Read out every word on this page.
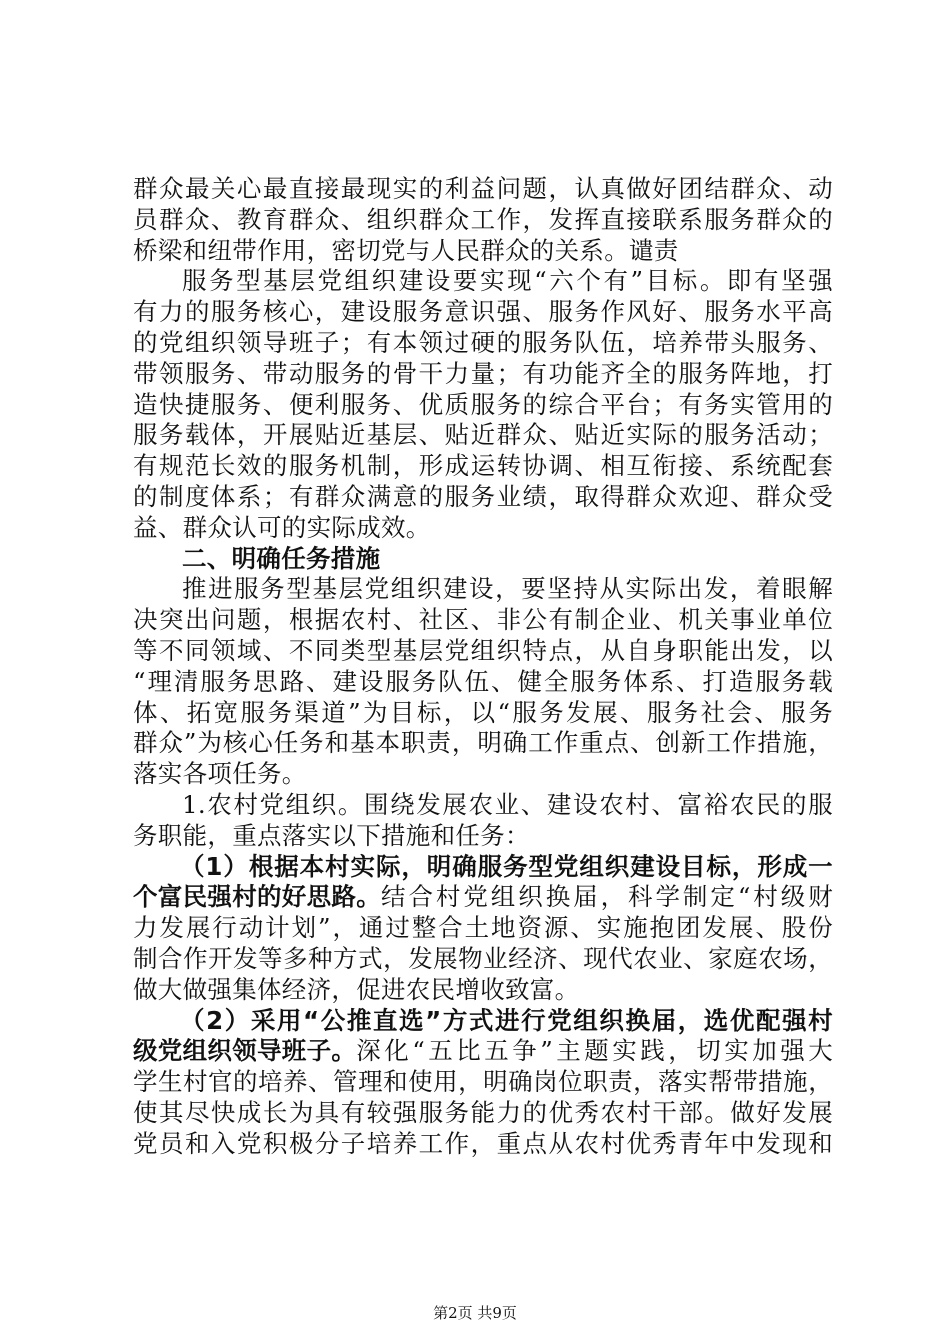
群众最关心最直接最现实的利益问题，认真做好团结群众、动
员群众、教育群众、组织群众工作，发挥直接联系服务群众的
桥梁和纽带作用，密切党与人民群众的关系。谴责
服务型基层党组织建设要实现“六个有”目标。即有坚强
有力的服务核心，建设服务意识强、服务作风好、服务水平高
的党组织领导班子；有本领过硬的服务队伍，培养带头服务、
带领服务、带动服务的骨干力量；有功能齐全的服务阵地，打
造快捷服务、便利服务、优质服务的综合平台；有务实管用的
服务载体，开展贴近基层、贴近群众、贴近实际的服务活动；
有规范长效的服务机制，形成运转协调、相互衔接、系统配套
的制度体系；有群众满意的服务业绩，取得群众欢迎、群众受
益、群众认可的实际成效。
二、明确任务措施
推进服务型基层党组织建设，要坚持从实际出发，着眼解
决突出问题，根据农村、社区、非公有制企业、机关事业单位
等不同领域、不同类型基层党组织特点，从自身职能出发，以
“理清服务思路、建设服务队伍、健全服务体系、打造服务载
体、拓宽服务渠道”为目标，以“服务发展、服务社会、服务
群众”为核心任务和基本职责，明确工作重点、创新工作措施，
落实各项任务。
1.农村党组织。围绕发展农业、建设农村、富裕农民的服
务职能，重点落实以下措施和任务：
（1）根据本村实际，明确服务型党组织建设目标，形成一
个富民强村的好思路。 结合村党组织换届，科学制定“村级财
力发展行动计划”，通过整合土地资源、实施抱团发展、股份
制合作开发等多种方式，发展物业经济、现代农业、家庭农场，
做大做强集体经济，促进农民增收致富。
（2）采用“公推直选”方式进行党组织换届，选优配强村
级党组织领导班子。 深化“五比五争”主题实践，切实加强大
学生村官的培养、管理和使用，明确岗位职责，落实帮带措施，
使其尽快成长为具有较强服务能力的优秀农村干部。做好发展
党员和入党积极分子培养工作，重点从农村优秀青年中发现和
第2页 共9页
